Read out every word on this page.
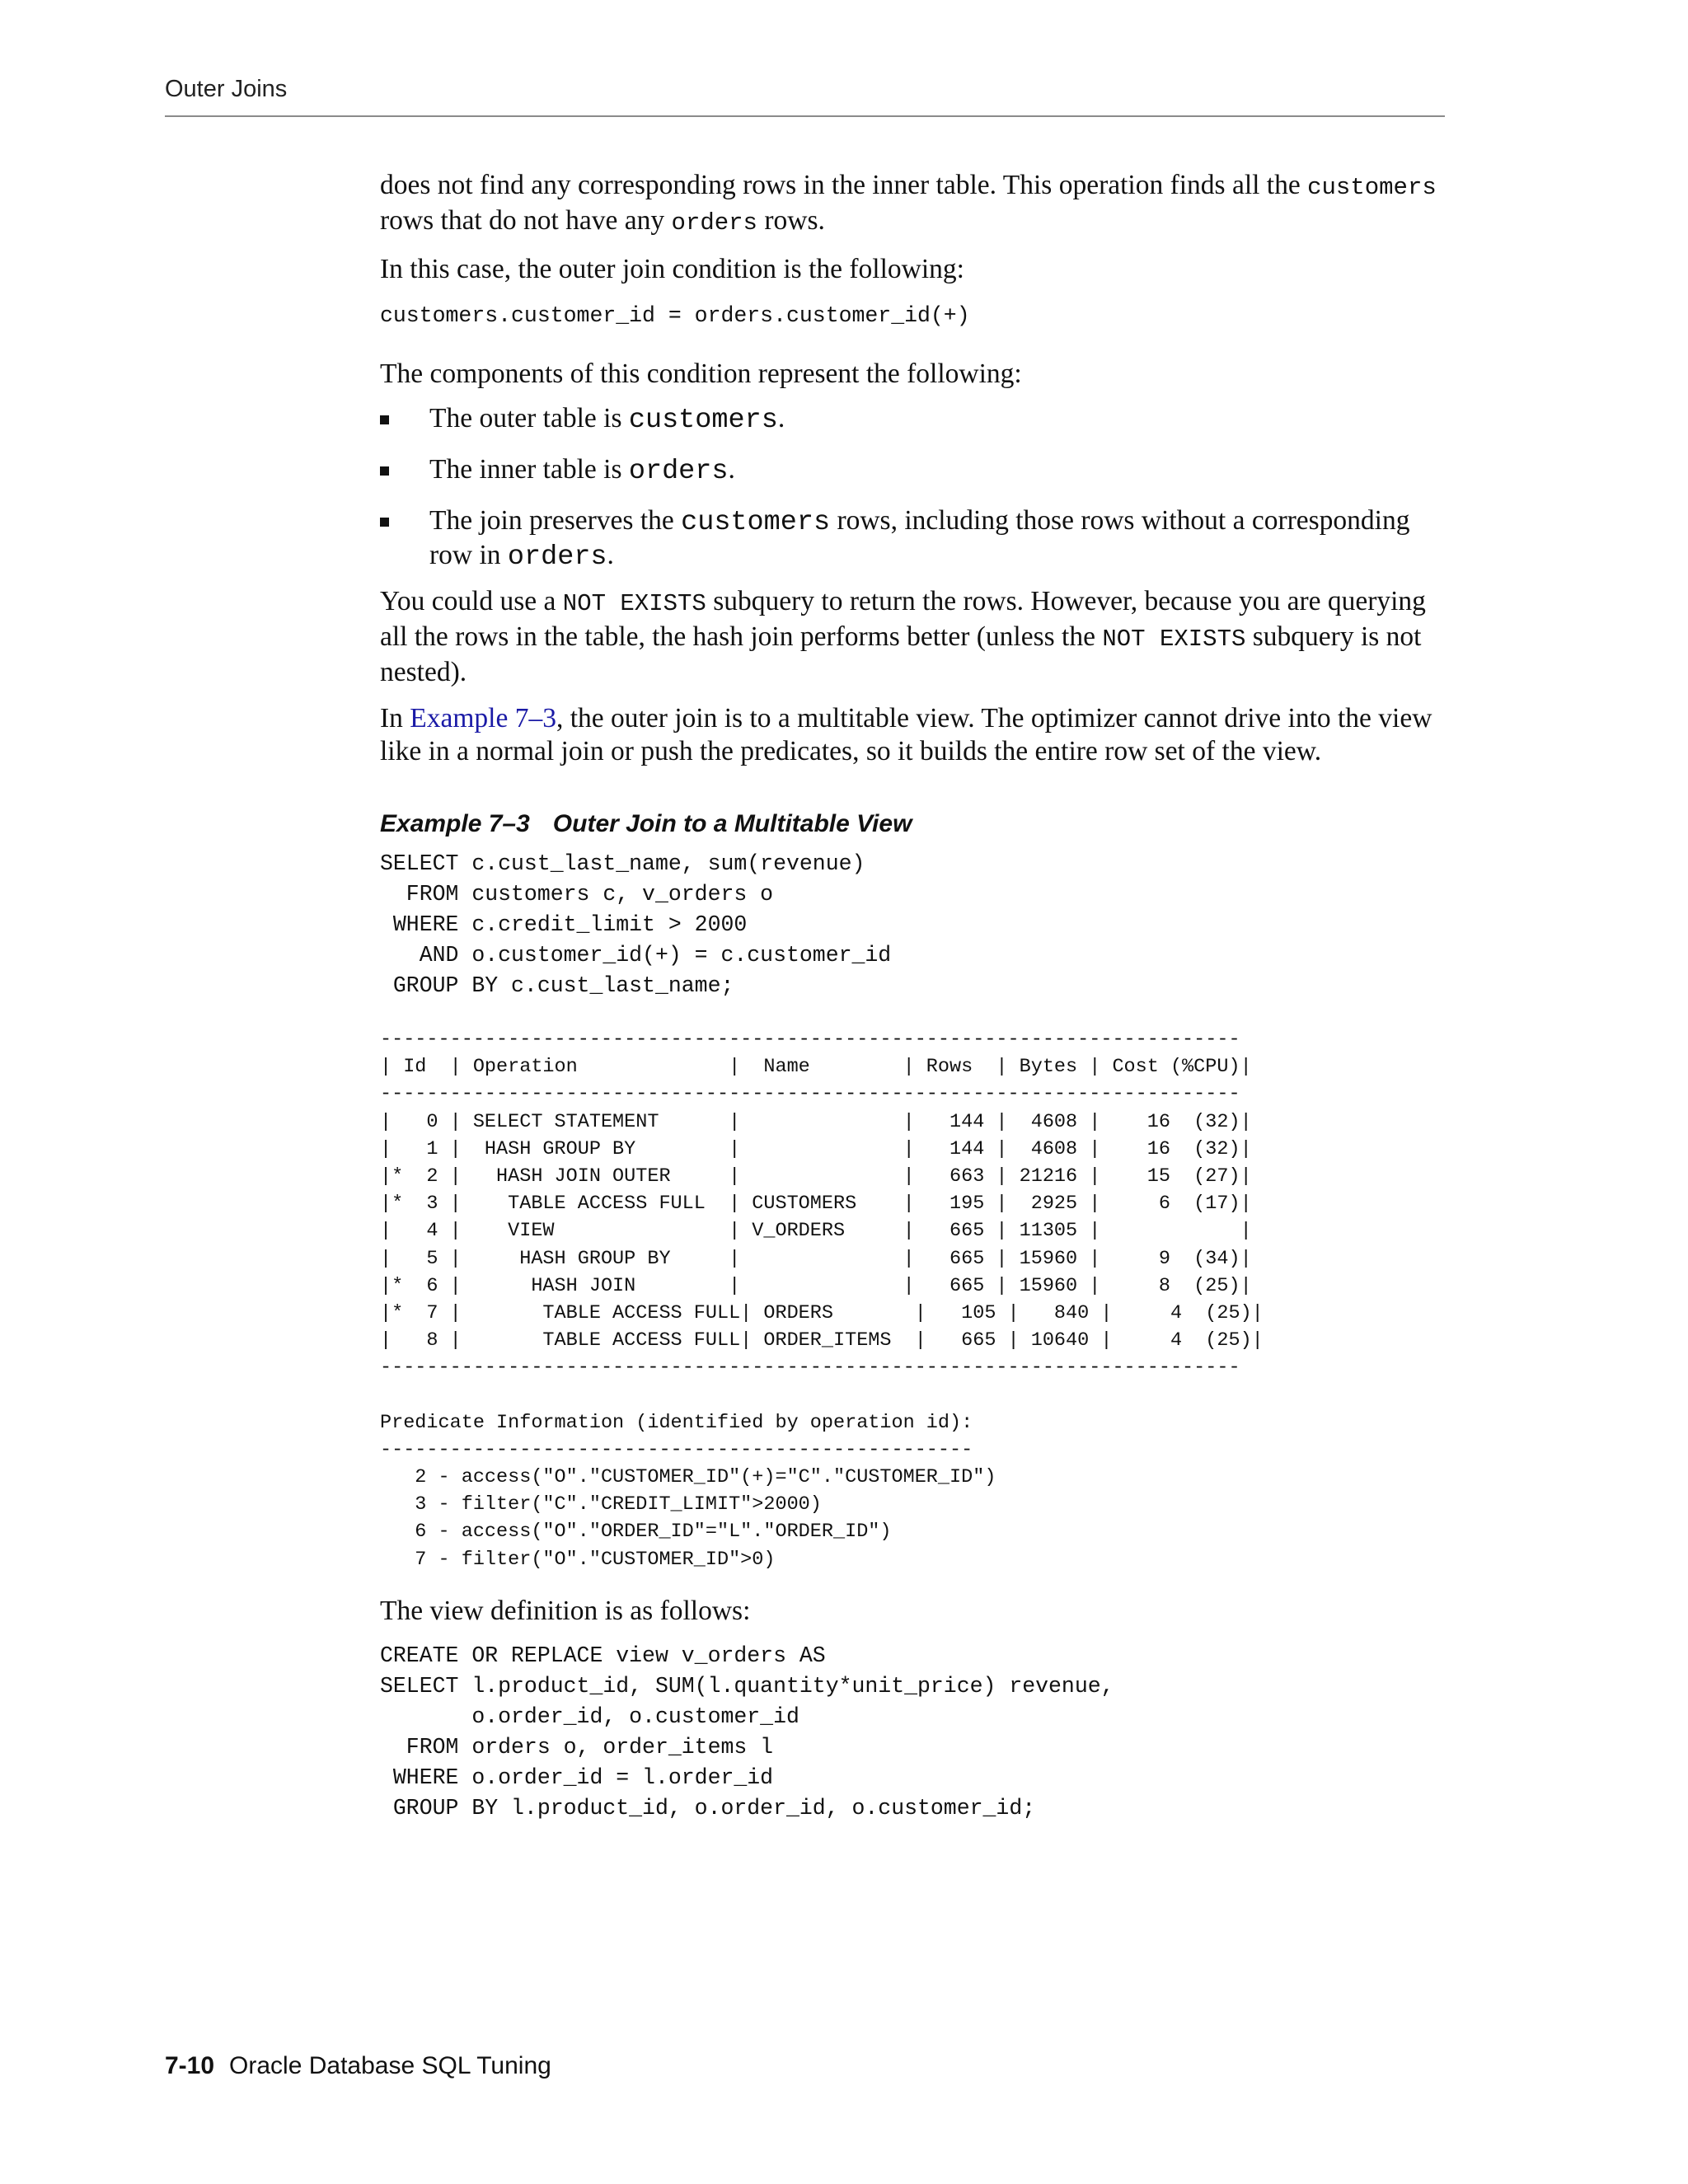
Outer Joins

does not find any corresponding rows in the inner table. This operation finds all the customers rows that do not have any orders rows.

In this case, the outer join condition is the following:

customers.customer_id = orders.customer_id(+)

The components of this condition represent the following:

The outer table is customers.
The inner table is orders.
The join preserves the customers rows, including those rows without a corresponding row in orders.

You could use a NOT EXISTS subquery to return the rows. However, because you are querying all the rows in the table, the hash join performs better (unless the NOT EXISTS subquery is not nested).

In Example 7–3, the outer join is to a multitable view. The optimizer cannot drive into the view like in a normal join or push the predicates, so it builds the entire row set of the view.

Example 7–3 Outer Join to a Multitable View
SELECT c.cust_last_name, sum(revenue)
FROM customers c, v_orders o
WHERE c.credit_limit > 2000
AND o.customer_id(+) = c.customer_id
GROUP BY c.cust_last_name;
--------------------------------------------------------------------------
| Id  | Operation             |  Name        | Rows  | Bytes | Cost (%CPU)|
--------------------------------------------------------------------------
|   0 | SELECT STATEMENT      |              |   144 |  4608 |    16  (32)|
|   1 |  HASH GROUP BY        |              |   144 |  4608 |    16  (32)|
|*  2 |   HASH JOIN OUTER     |              |   663 | 21216 |    15  (27)|
|*  3 |    TABLE ACCESS FULL  | CUSTOMERS    |   195 |  2925 |     6  (17)|
|   4 |    VIEW               | V_ORDERS     |   665 | 11305 |            |
|   5 |     HASH GROUP BY     |              |   665 | 15960 |     9  (34)|
|*  6 |      HASH JOIN        |              |   665 | 15960 |     8  (25)|
|*  7 |       TABLE ACCESS FULL| ORDERS       |   105 |   840 |     4  (25)|
|   8 |       TABLE ACCESS FULL| ORDER_ITEMS  |   665 | 10640 |     4  (25)|
--------------------------------------------------------------------------
Predicate Information (identified by operation id):
---------------------------------------------------
2 - access("O"."CUSTOMER_ID"(+)="C"."CUSTOMER_ID")
3 - filter("C"."CREDIT_LIMIT">2000)
6 - access("O"."ORDER_ID"="L"."ORDER_ID")
7 - filter("O"."CUSTOMER_ID">0)

The view definition is as follows:

CREATE OR REPLACE view v_orders AS
SELECT l.product_id, SUM(l.quantity*unit_price) revenue,
o.order_id, o.customer_id
FROM orders o, order_items l
WHERE o.order_id = l.order_id
GROUP BY l.product_id, o.order_id, o.customer_id;
7-10 Oracle Database SQL Tuning
